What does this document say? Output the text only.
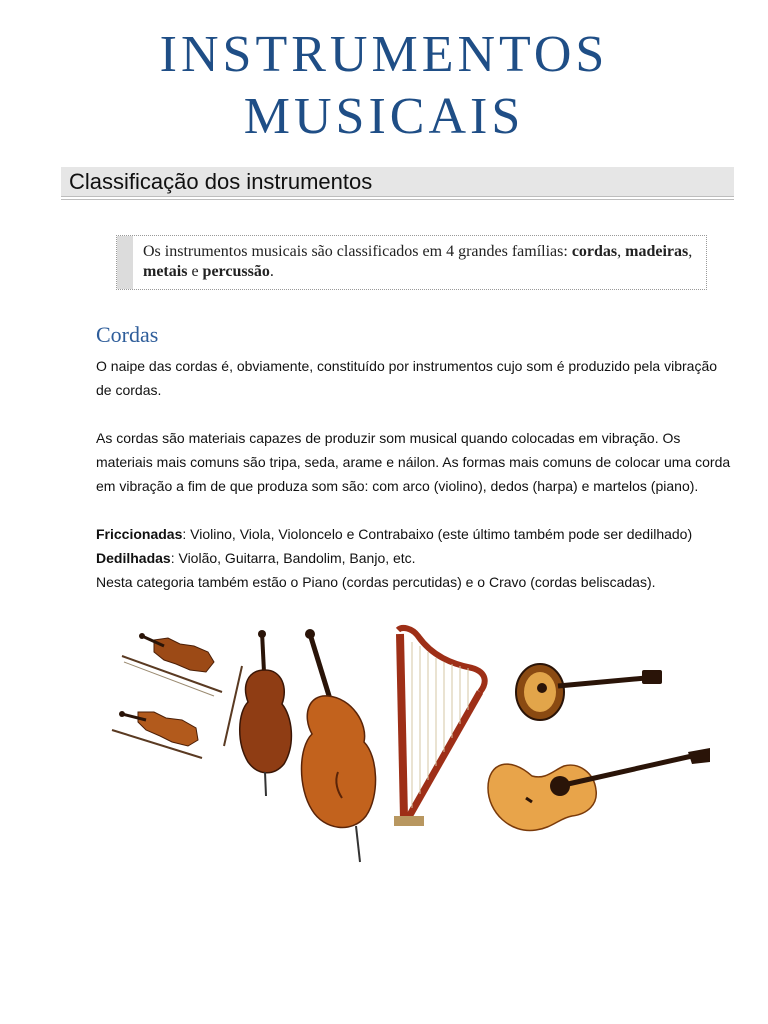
INSTRUMENTOS
MUSICAIS
Classificação dos instrumentos
Os instrumentos musicais são classificados em 4 grandes famílias: cordas, madeiras, metais e percussão.
Cordas

O naipe das cordas é, obviamente, constituído por instrumentos cujo som é produzido pela vibração de cordas.

As cordas são materiais capazes de produzir som musical quando colocadas em vibração. Os materiais mais comuns são tripa, seda, arame e náilon. As formas mais comuns de colocar uma corda em vibração a fim de que produza som são: com arco (violino), dedos (harpa) e martelos (piano).

Friccionadas: Violino, Viola, Violoncelo e Contrabaixo (este último também pode ser dedilhado)

Dedilhadas: Violão, Guitarra, Bandolim, Banjo, etc.

Nesta categoria também estão o Piano (cordas percutidas) e o Cravo (cordas beliscadas).
